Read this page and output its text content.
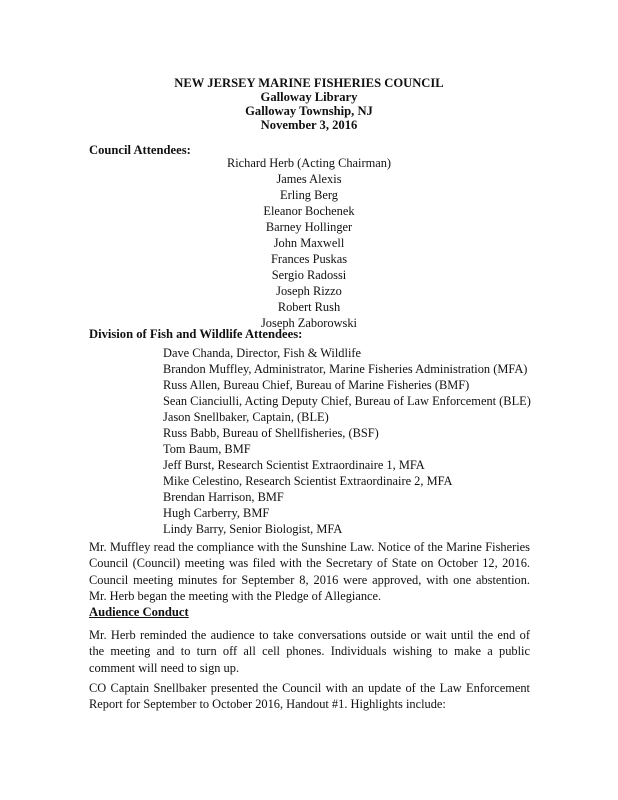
NEW JERSEY MARINE FISHERIES COUNCIL
Galloway Library
Galloway Township, NJ
November 3, 2016
Council Attendees:
Richard Herb (Acting Chairman)
James Alexis
Erling Berg
Eleanor Bochenek
Barney Hollinger
John Maxwell
Frances Puskas
Sergio Radossi
Joseph Rizzo
Robert Rush
Joseph Zaborowski
Division of Fish and Wildlife Attendees:
Dave Chanda, Director, Fish & Wildlife
Brandon Muffley, Administrator, Marine Fisheries Administration (MFA)
Russ Allen, Bureau Chief, Bureau of Marine Fisheries (BMF)
Sean Cianciulli, Acting Deputy Chief, Bureau of Law Enforcement (BLE)
Jason Snellbaker, Captain, (BLE)
Russ Babb, Bureau of Shellfisheries, (BSF)
Tom Baum, BMF
Jeff Burst, Research Scientist Extraordinaire 1, MFA
Mike Celestino, Research Scientist Extraordinaire 2, MFA
Brendan Harrison, BMF
Hugh Carberry, BMF
Lindy Barry, Senior Biologist, MFA
Mr. Muffley read the compliance with the Sunshine Law. Notice of the Marine Fisheries Council (Council) meeting was filed with the Secretary of State on October 12, 2016. Council meeting minutes for September 8, 2016 were approved, with one abstention. Mr. Herb began the meeting with the Pledge of Allegiance.
Audience Conduct
Mr. Herb reminded the audience to take conversations outside or wait until the end of the meeting and to turn off all cell phones. Individuals wishing to make a public comment will need to sign up.
CO Captain Snellbaker presented the Council with an update of the Law Enforcement Report for September to October 2016, Handout #1. Highlights include:
